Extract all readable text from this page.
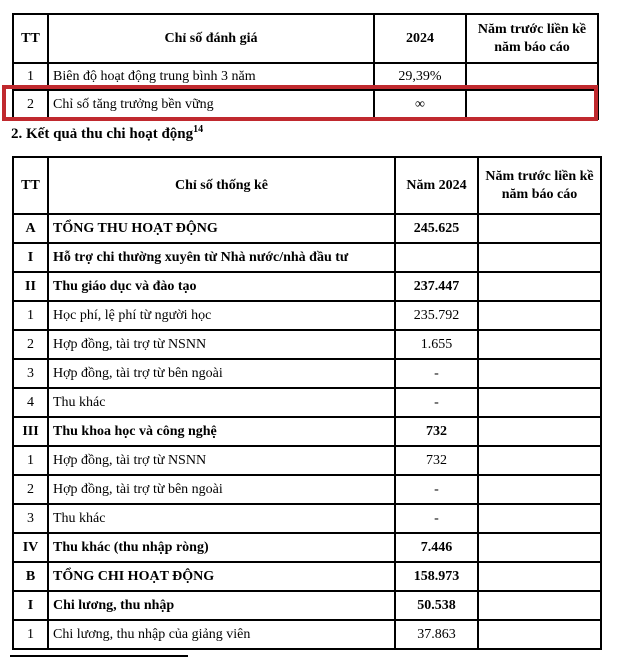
TT	Chỉ số đánh giá	2024	Năm trước liền kề năm báo cáo
1	Biên độ hoạt động trung bình 3 năm	29,39%	
2	Chỉ số tăng trưởng bền vững	∞	
2. Kết quả thu chi hoạt động$^{14}$
TT	Chỉ số thống kê	Năm 2024	Năm trước liền kề năm báo cáo
A	TỔNG THU HOẠT ĐỘNG	245.625	
I	Hỗ trợ chi thường xuyên từ Nhà nước/nhà đầu tư		
II	Thu giáo dục và đào tạo	237.447	
1	Học phí, lệ phí từ người học	235.792	
2	Hợp đồng, tài trợ từ NSNN	1.655	
3	Hợp đồng, tài trợ từ bên ngoài	-	
4	Thu khác	-	
III	Thu khoa học và công nghệ	732	
1	Hợp đồng, tài trợ từ NSNN	732	
2	Hợp đồng, tài trợ từ bên ngoài	-	
3	Thu khác	-	
IV	Thu khác (thu nhập ròng)	7.446	
B	TỔNG CHI HOẠT ĐỘNG	158.973	
I	Chi lương, thu nhập	50.538	
1	Chi lương, thu nhập của giảng viên	37.863	
